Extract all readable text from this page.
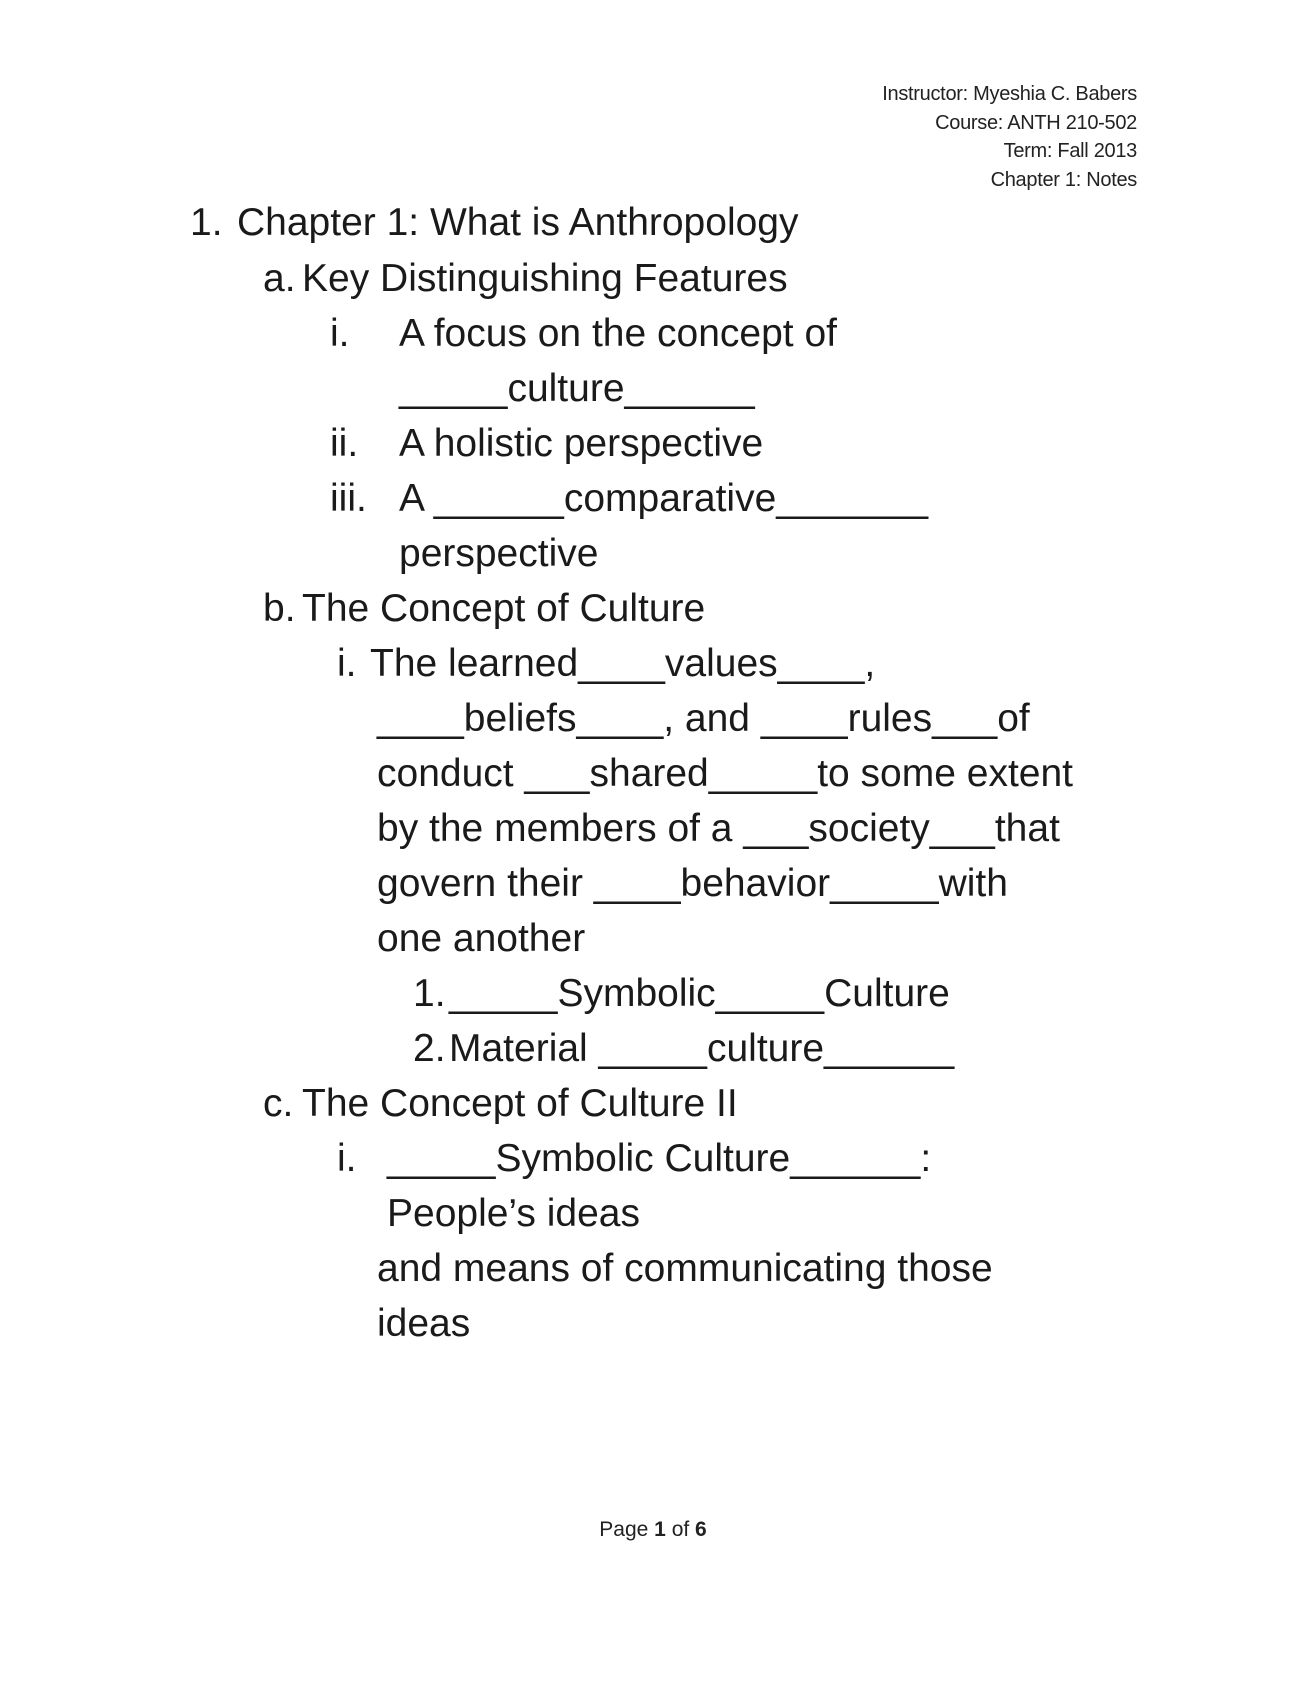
Instructor: Myeshia C. Babers
Course: ANTH 210-502
Term: Fall 2013
Chapter 1: Notes
1. Chapter 1: What is Anthropology
a. Key Distinguishing Features
i. A focus on the concept of
_____culture______
ii. A holistic perspective
iii. A ______comparative_______
perspective
b. The Concept of Culture
i. The learned____values____,
____beliefs____, and ____rules___of
conduct ___shared_____to some extent
by the members of a ___society___that
govern their ____behavior_____with
one another
1. _____Symbolic_____Culture
2. Material _____culture______
c. The Concept of Culture II
i. _____Symbolic Culture______:
People’s ideas
and means of communicating those
ideas
Page 1 of 6
